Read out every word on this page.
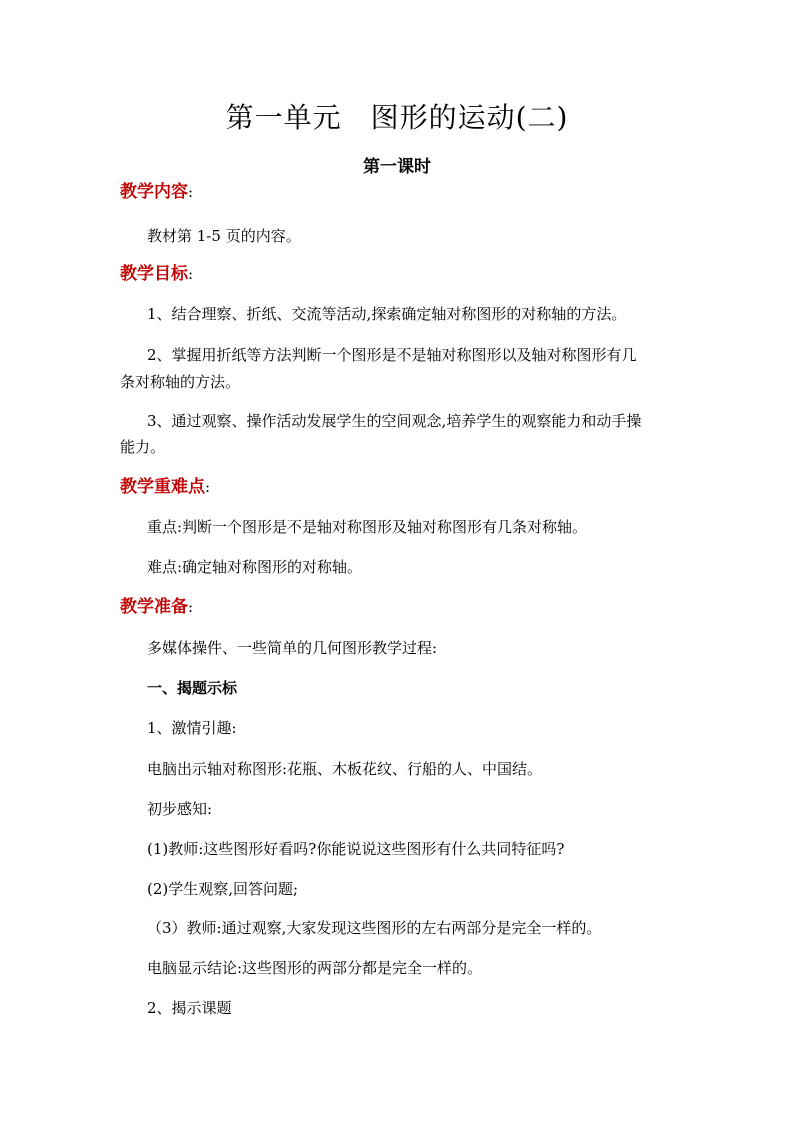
第一单元　图形的运动(二)
第一课时
教学内容:
教材第 1-5 页的内容。
教学目标:
1、结合理察、折纸、交流等活动,探索确定轴对称图形的对称轴的方法。
2、掌握用折纸等方法判断一个图形是不是轴对称图形以及轴对称图形有几
条对称轴的方法。
3、通过观察、操作活动发展学生的空间观念,培养学生的观察能力和动手操
能力。
教学重难点:
重点:判断一个图形是不是轴对称图形及轴对称图形有几条对称轴。
难点:确定轴对称图形的对称轴。
教学准备:
多媒体操件、一些简单的几何图形教学过程:
一、揭题示标
1、激情引趣:
电脑出示轴对称图形:花瓶、木板花纹、行船的人、中国结。
初步感知:
(1)教师:这些图形好看吗?你能说说这些图形有什么共同特征吗?
(2)学生观察,回答问题;
（3）教师:通过观察,大家发现这些图形的左右两部分是完全一样的。
电脑显示结论:这些图形的两部分都是完全一样的。
2、揭示课题
